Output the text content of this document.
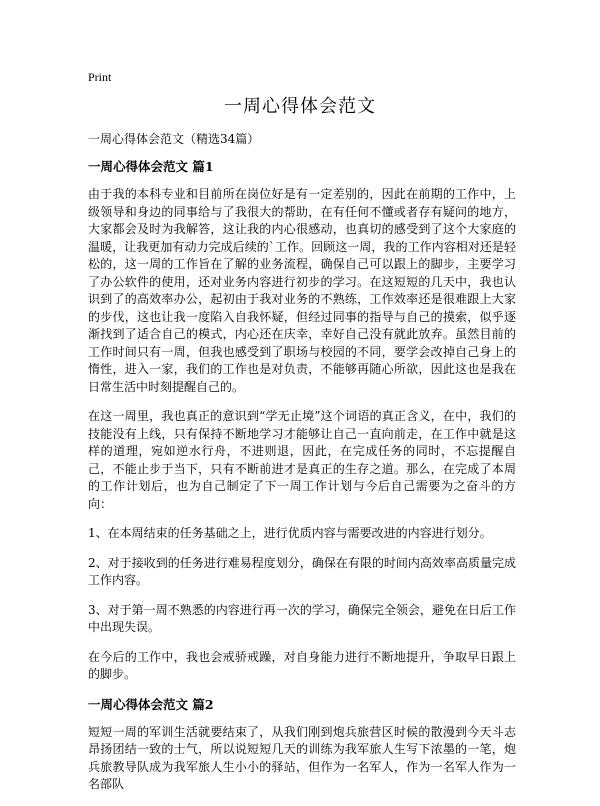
Print
一周心得体会范文

一周心得体会范文（精选34篇）

一周心得体会范文 篇1

由于我的本科专业和目前所在岗位好是有一定差别的，因此在前期的工作中，上级领导和身边的同事给与了我很大的帮助，在有任何不懂或者存有疑问的地方，大家都会及时为我解答，这让我的内心很感动，也真切的感受到了这个大家庭的温暖，让我更加有动力完成后续的`工作。回顾这一周，我的工作内容相对还是轻松的，这一周的工作旨在了解的业务流程，确保自己可以跟上的脚步，主要学习了办公软件的使用，还对业务内容进行初步的学习。在这短短的几天中，我也认识到了的高效率办公，起初由于我对业务的不熟练，工作效率还是很难跟上大家的步伐，这也让我一度陷入自我怀疑，但经过同事的指导与自己的摸索，似乎逐渐找到了适合自己的模式，内心还在庆幸，幸好自己没有就此放弃。虽然目前的工作时间只有一周，但我也感受到了职场与校园的不同，要学会改掉自己身上的惰性，进入一家，我们的工作也是对负责，不能够再随心所欲，因此这也是我在日常生活中时刻提醒自己的。

在这一周里，我也真正的意识到“学无止境”这个词语的真正含义，在中，我们的技能没有上线，只有保持不断地学习才能够让自己一直向前走，在工作中就是这样的道理，宛如逆水行舟，不进则退，因此，在完成任务的同时，不忘提醒自己，不能止步于当下，只有不断前进才是真正的生存之道。那么，在完成了本周的工作计划后，也为自己制定了下一周工作计划与今后自己需要为之奋斗的方向：

1、在本周结束的任务基础之上，进行优质内容与需要改进的内容进行划分。

2、对于接收到的任务进行难易程度划分，确保在有限的时间内高效率高质量完成工作内容。

3、对于第一周不熟悉的内容进行再一次的学习，确保完全领会，避免在日后工作中出现失误。

在今后的工作中，我也会戒骄戒躁，对自身能力进行不断地提升，争取早日跟上的脚步。

一周心得体会范文 篇2

短短一周的军训生活就要结束了，从我们刚到炮兵旅营区时候的散漫到今天斗志昂扬团结一致的士气，所以说短短几天的训练为我军旅人生写下浓墨的一笔，炮兵旅教导队成为我军旅人生小小的驿站，但作为一名军人，作为一名军人作为一名部队
